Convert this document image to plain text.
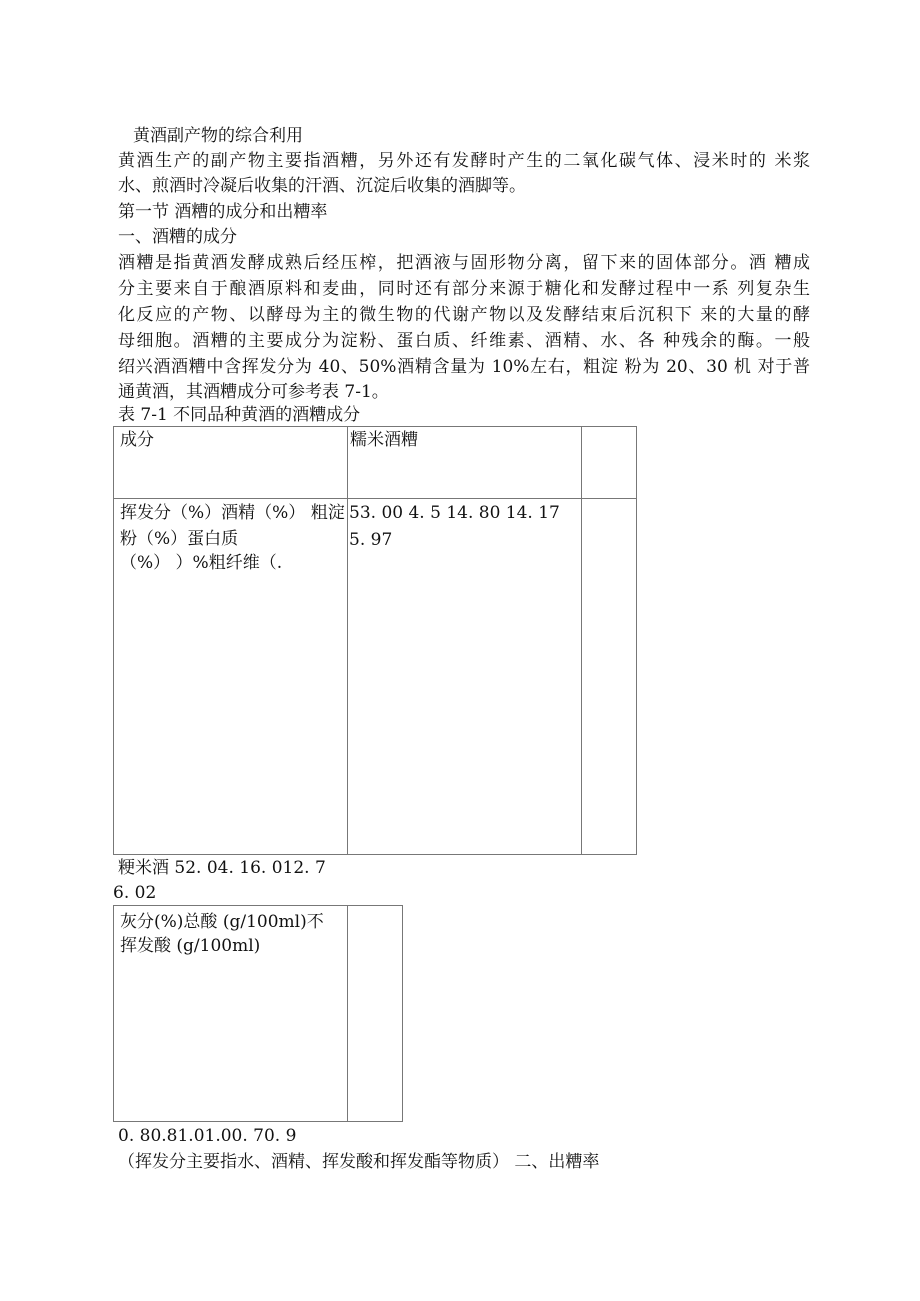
黄酒副产物的综合利用
黄酒生产的副产物主要指酒糟，另外还有发酵时产生的二氧化碳气体、浸米时的 米浆
水、煎酒时冷凝后收集的汗酒、沉淀后收集的酒脚等。
第一节 酒糟的成分和出糟率
一、酒糟的成分
酒糟是指黄酒发酵成熟后经压榨，把酒液与固形物分离，留下来的固体部分。酒 糟成
分主要来自于酿酒原料和麦曲，同时还有部分来源于糖化和发酵过程中一系 列复杂生
化反应的产物、以酵母为主的微生物的代谢产物以及发酵结束后沉积下 来的大量的酵
母细胞。酒糟的主要成分为淀粉、蛋白质、纤维素、酒精、水、各 种残余的酶。一般
绍兴酒酒糟中含挥发分为 40、50%酒精含量为 10%左右，粗淀 粉为 20、30 机 对于普
通黄酒，其酒糟成分可参考表 7-1。
表 7-1 不同品种黄酒的酒糟成分
成分	糯米酒糟
挥发分（%）酒精（%） 粗淀
粉（%）蛋白质
（%） ）%粗纤维（.
53. 00 4. 5 14. 80 14. 17
5. 97
粳米酒 52. 04. 16. 012. 7
6. 02
灰分(%)总酸 (g/100ml)不
挥发酸 (g/100ml)
0. 80.81.01.00. 70. 9
（挥发分主要指水、酒精、挥发酸和挥发酯等物质） 二、出糟率
